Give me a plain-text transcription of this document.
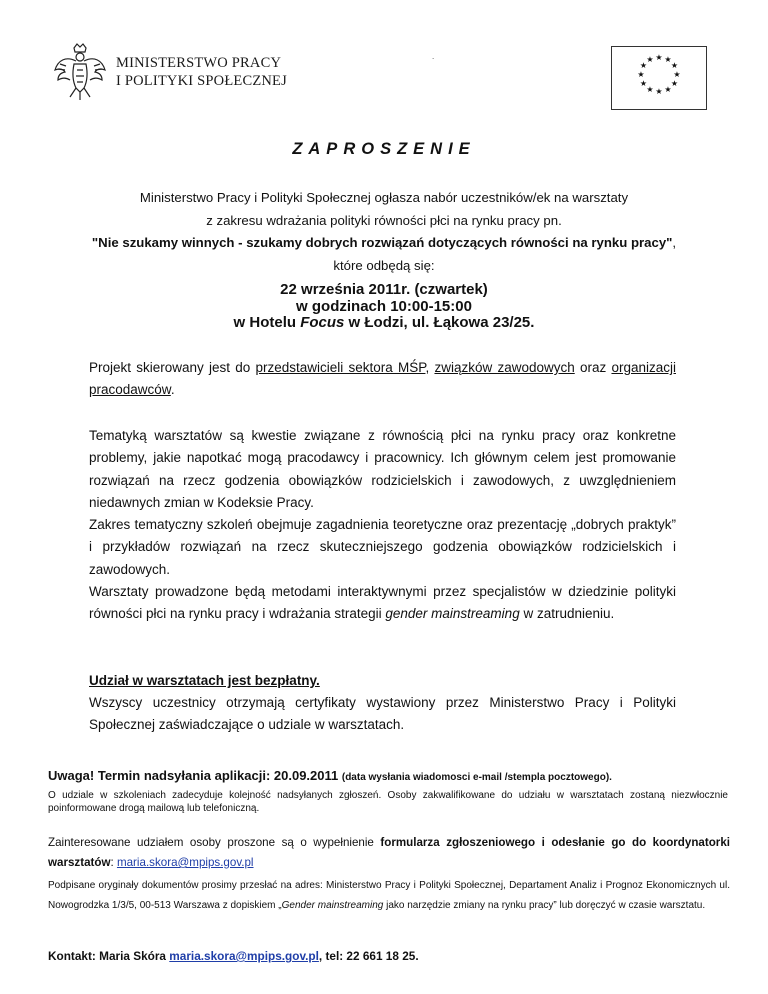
MINISTERSTWO PRACY
I POLITYKI SPOŁECZNEJ
.	★ ★
★
★
★
★
★
★
★
★
★
★
ZAPROSZENIE
Ministerstwo Pracy i Polityki Społecznej ogłasza nabór uczestników/ek na warsztaty
z zakresu wdrażania polityki równości płci na rynku pracy pn.
"Nie szukamy winnych - szukamy dobrych rozwiązań dotyczących równości na rynku pracy",
które odbędą się:
22 września 2011r. (czwartek)
w godzinach 10:00-15:00
w Hotelu Focus w Łodzi, ul. Łąkowa 23/25.
Projekt skierowany jest do przedstawicieli sektora MŚP, związków zawodowych oraz organizacji pracodawców.
Tematyką warsztatów są kwestie związane z równością płci na rynku pracy oraz konkretne problemy, jakie napotkać mogą pracodawcy i pracownicy. Ich głównym celem jest promowanie rozwiązań na rzecz godzenia obowiązków rodzicielskich i zawodowych, z uwzględnieniem niedawnych zmian w Kodeksie Pracy.
Zakres tematyczny szkoleń obejmuje zagadnienia teoretyczne oraz prezentację „dobrych praktyk” i przykładów rozwiązań na rzecz skuteczniejszego godzenia obowiązków rodzicielskich i zawodowych.
Warsztaty prowadzone będą metodami interaktywnymi przez specjalistów w dziedzinie polityki równości płci na rynku pracy i wdrażania strategii gender mainstreaming w zatrudnieniu.
Udział w warsztatach jest bezpłatny.
Wszyscy uczestnicy otrzymają certyfikaty wystawiony przez Ministerstwo Pracy i Polityki Społecznej zaświadczające o udziale w warsztatach.
Uwaga! Termin nadsyłania aplikacji: 20.09.2011 (data wysłania wiadomosci e-mail /stempla pocztowego).
O udziale w szkoleniach zadecyduje kolejność nadsyłanych zgłoszeń. Osoby zakwalifikowane do udziału w warsztatach zostaną niezwłocznie poinformowane drogą mailową lub telefoniczną.
Zainteresowane udziałem osoby proszone są o wypełnienie formularza zgłoszeniowego i odesłanie go do koordynatorki warsztatów: maria.skora@mpips.gov.pl
Podpisane oryginały dokumentów prosimy przesłać na adres: Ministerstwo Pracy i Polityki Społecznej, Departament Analiz i Prognoz Ekonomicznych ul. Nowogrodzka 1/3/5, 00-513 Warszawa z dopiskiem „Gender mainstreaming jako narzędzie zmiany na rynku pracy” lub doręczyć w czasie warsztatu.
Kontakt: Maria Skóra maria.skora@mpips.gov.pl, tel: 22 661 18 25.
